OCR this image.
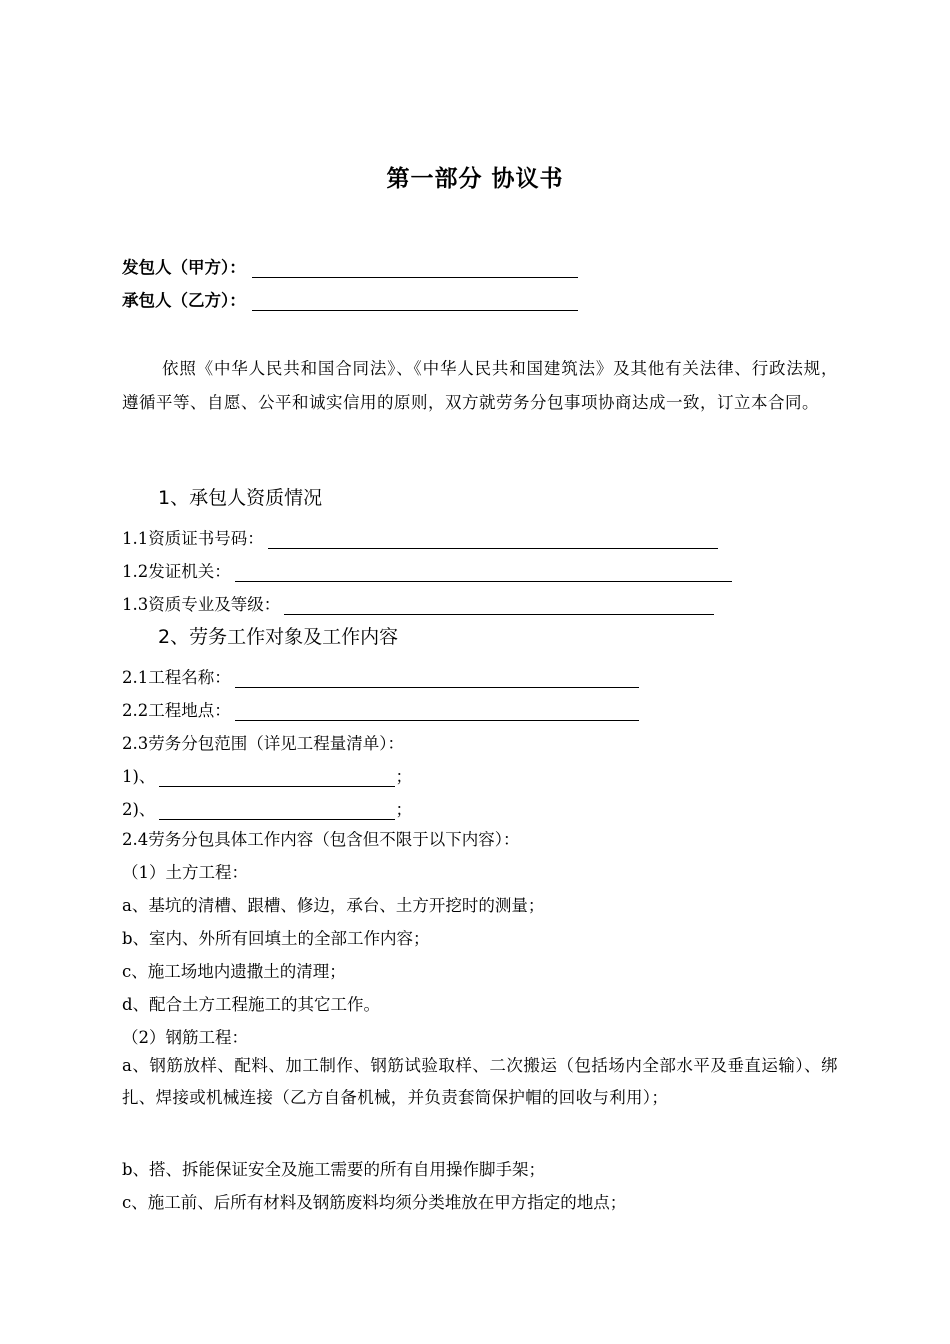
第一部分 协议书
发包人（甲方）：
承包人（乙方）：
依照《中华人民共和国合同法》、《中华人民共和国建筑法》及其他有关法律、行政法规，遵循平等、自愿、公平和诚实信用的原则，双方就劳务分包事项协商达成一致，订立本合同。
1、承包人资质情况
1.1资质证书号码：
1.2发证机关：
1.3资质专业及等级：
2、劳务工作对象及工作内容
2.1工程名称：
2.2工程地点：
2.3劳务分包范围（详见工程量清单）：
1)、	；
2)、	；
2.4劳务分包具体工作内容（包含但不限于以下内容）：
（1）土方工程：
a、基坑的清槽、跟槽、修边，承台、土方开挖时的测量；
b、室内、外所有回填土的全部工作内容；
c、施工场地内遗撒土的清理；
d、配合土方工程施工的其它工作。
（2）钢筋工程：
a、钢筋放样、配料、加工制作、钢筋试验取样、二次搬运（包括场内全部水平及垂直运输）、绑扎、焊接或机械连接（乙方自备机械，并负责套筒保护帽的回收与利用）；
b、搭、拆能保证安全及施工需要的所有自用操作脚手架；
c、施工前、后所有材料及钢筋废料均须分类堆放在甲方指定的地点；
